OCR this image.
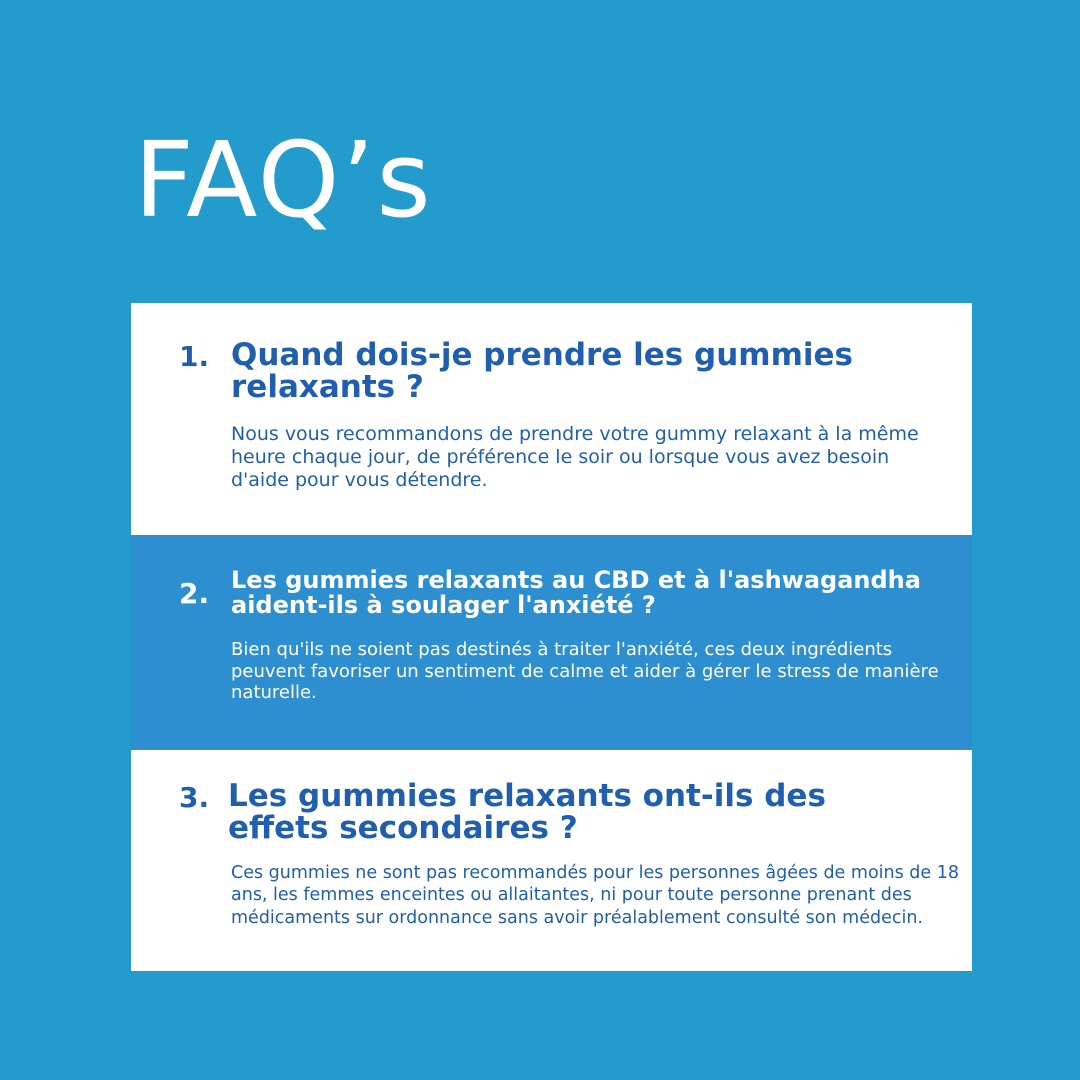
FAQ’s
1. Quand dois-je prendre les gummies relaxants ?

Nous vous recommandons de prendre votre gummy relaxant à la même heure chaque jour, de préférence le soir ou lorsque vous avez besoin d'aide pour vous détendre.

2. Les gummies relaxants au CBD et à l'ashwagandha aident-ils à soulager l'anxiété ?

Bien qu'ils ne soient pas destinés à traiter l'anxiété, ces deux ingrédients peuvent favoriser un sentiment de calme et aider à gérer le stress de manière naturelle.

3. Les gummies relaxants ont-ils des effets secondaires ?

Ces gummies ne sont pas recommandés pour les personnes âgées de moins de 18 ans, les femmes enceintes ou allaitantes, ni pour toute personne prenant des médicaments sur ordonnance sans avoir préalablement consulté son médecin.
